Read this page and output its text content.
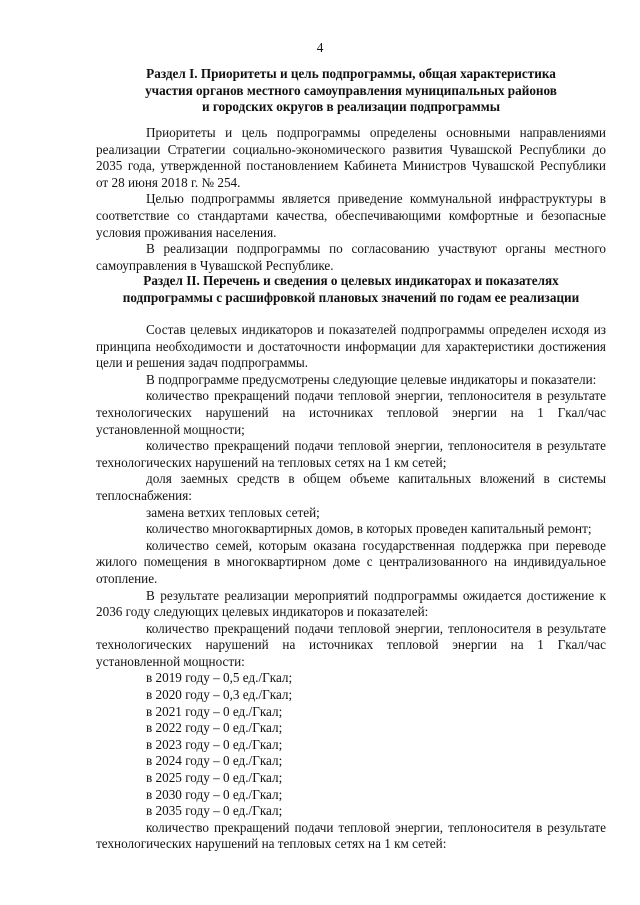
4
Раздел I. Приоритеты и цель подпрограммы, общая характеристика
участия органов местного самоуправления муниципальных районов
и городских округов в реализации подпрограммы

Приоритеты и цель подпрограммы определены основными направлениями реализации Стратегии социально-экономического развития Чувашской Республики до 2035 года, утвержденной постановлением Кабинета Министров Чувашской Республики от 28 июня 2018 г. № 254.

Целью подпрограммы является приведение коммунальной инфраструктуры в соответствие со стандартами качества, обеспечивающими комфортные и безопасные условия проживания населения.

В реализации подпрограммы по согласованию участвуют органы местного самоуправления в Чувашской Республике.

Раздел II. Перечень и сведения о целевых индикаторах и показателях
подпрограммы с расшифровкой плановых значений по годам ее реализации

Состав целевых индикаторов и показателей подпрограммы определен исходя из принципа необходимости и достаточности информации для характеристики достижения цели и решения задач подпрограммы.

В подпрограмме предусмотрены следующие целевые индикаторы и показатели:

количество прекращений подачи тепловой энергии, теплоносителя в результате технологических нарушений на источниках тепловой энергии на 1 Гкал/час установленной мощности;

количество прекращений подачи тепловой энергии, теплоносителя в результате технологических нарушений на тепловых сетях на 1 км сетей;

доля заемных средств в общем объеме капитальных вложений в системы теплоснабжения:

замена ветхих тепловых сетей;

количество многоквартирных домов, в которых проведен капитальный ремонт;

количество семей, которым оказана государственная поддержка при переводе жилого помещения в многоквартирном доме с централизованного на индивидуальное отопление.

В результате реализации мероприятий подпрограммы ожидается достижение к 2036 году следующих целевых индикаторов и показателей:

количество прекращений подачи тепловой энергии, теплоносителя в результате технологических нарушений на источниках тепловой энергии на 1 Гкал/час установленной мощности:

в 2019 году – 0,5 ед./Гкал;
в 2020 году – 0,3 ед./Гкал;
в 2021 году – 0 ед./Гкал;
в 2022 году – 0 ед./Гкал;
в 2023 году – 0 ед./Гкал;
в 2024 году – 0 ед./Гкал;
в 2025 году – 0 ед./Гкал;
в 2030 году – 0 ед./Гкал;
в 2035 году – 0 ед./Гкал;

количество прекращений подачи тепловой энергии, теплоносителя в результате технологических нарушений на тепловых сетях на 1 км сетей:
